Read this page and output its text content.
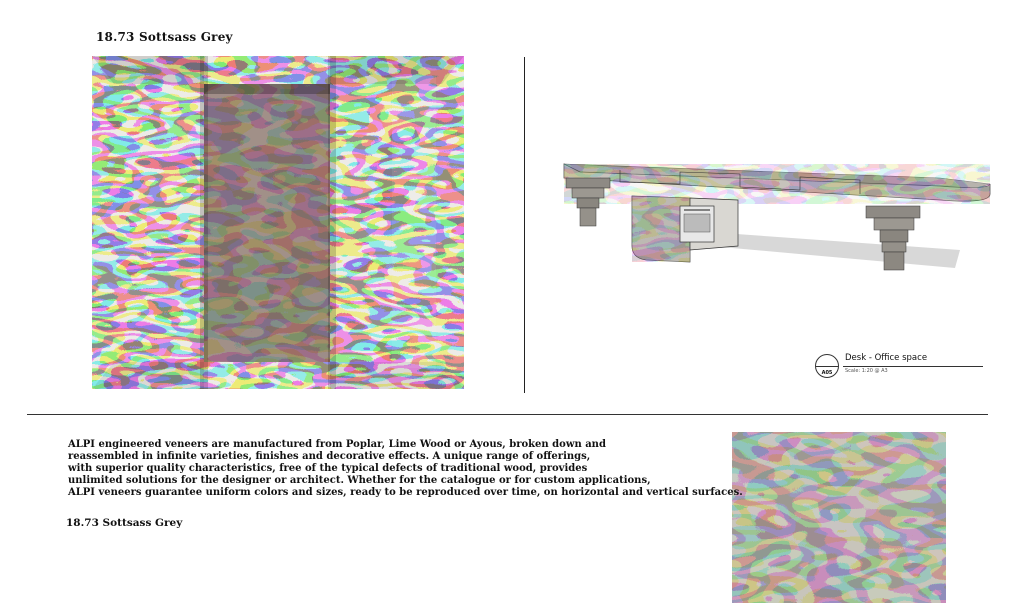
18.73 Sottsass Grey
A05
Desk - Office space
Scale: 1:20 @ A3

ALPI engineered veneers are manufactured from Poplar, Lime Wood or Ayous, broken down and

reassembled in infinite varieties, finishes and decorative effects. A unique range of offerings,

with superior quality characteristics, free of the typical defects of traditional wood, provides

unlimited solutions for the designer or architect. Whether for the catalogue or for custom applications,

ALPI veneers guarantee uniform colors and sizes, ready to be reproduced over time, on horizontal and vertical surfaces.

18.73 Sottsass Grey
